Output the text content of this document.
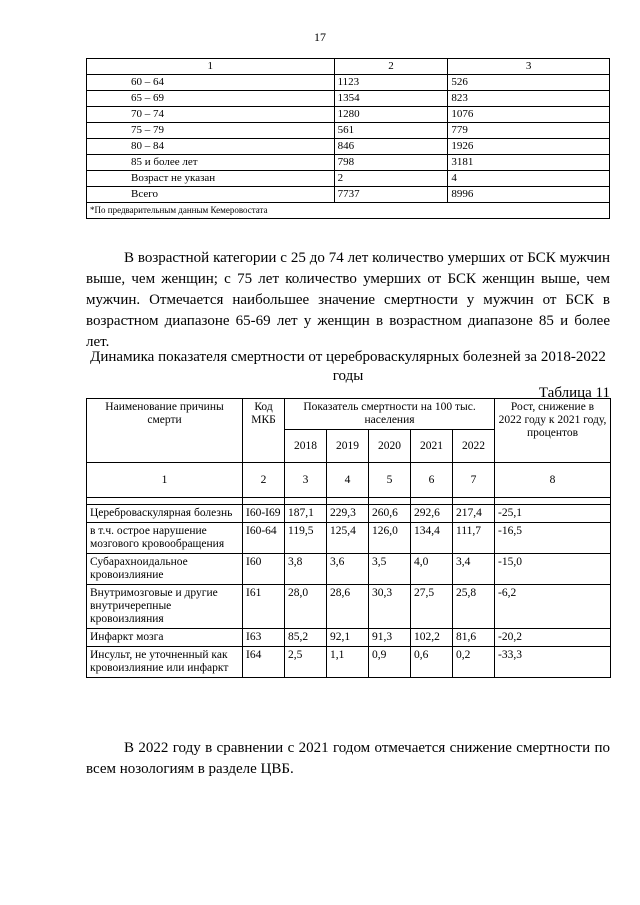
17
1	2	3
60 – 64	1123	526
65 – 69	1354	823
70 – 74	1280	1076
75 – 79	561	779
80 – 84	846	1926
85 и более лет	798	3181
Возраст не указан	2	4
Всего	7737	8996
*По предварительным данным Кемеровостата		

В возрастной категории с 25 до 74 лет количество умерших от БСК мужчин выше, чем женщин; с 75 лет количество умерших от БСК женщин выше, чем мужчин. Отмечается наибольшее значение смертности у мужчин от БСК в возрастном диапазоне 65-69 лет у женщин в возрастном диапазоне 85 и более лет.

Динамика показателя смертности от цереброваскулярных болезней за 2018-2022 годы

Таблица 11
Наименование причины смерти	Код МКБ	Показатель смертности на 100 тыс. населения					Рост, снижение в 2022 году к 2021 году, процентов
		2018	2019	2020	2021	2022	
1	2	3	4	5	6	7	8

Цереброваскулярная болезнь	I60-I69	187,1	229,3	260,6	292,6	217,4	-25,1
в т.ч. острое нарушение мозгового кровообращения	I60-64	119,5	125,4	126,0	134,4	111,7	-16,5
Субарахноидальное кровоизлияние	I60	3,8	3,6	3,5	4,0	3,4	-15,0
Внутримозговые и другие внутричерепные кровоизлияния	I61	28,0	28,6	30,3	27,5	25,8	-6,2
Инфаркт мозга	I63	85,2	92,1	91,3	102,2	81,6	-20,2
Инсульт, не уточненный как кровоизлияние или инфаркт	I64	2,5	1,1	0,9	0,6	0,2	-33,3

В 2022 году в сравнении с 2021 годом отмечается снижение смертности по всем нозологиям в разделе ЦВБ.
